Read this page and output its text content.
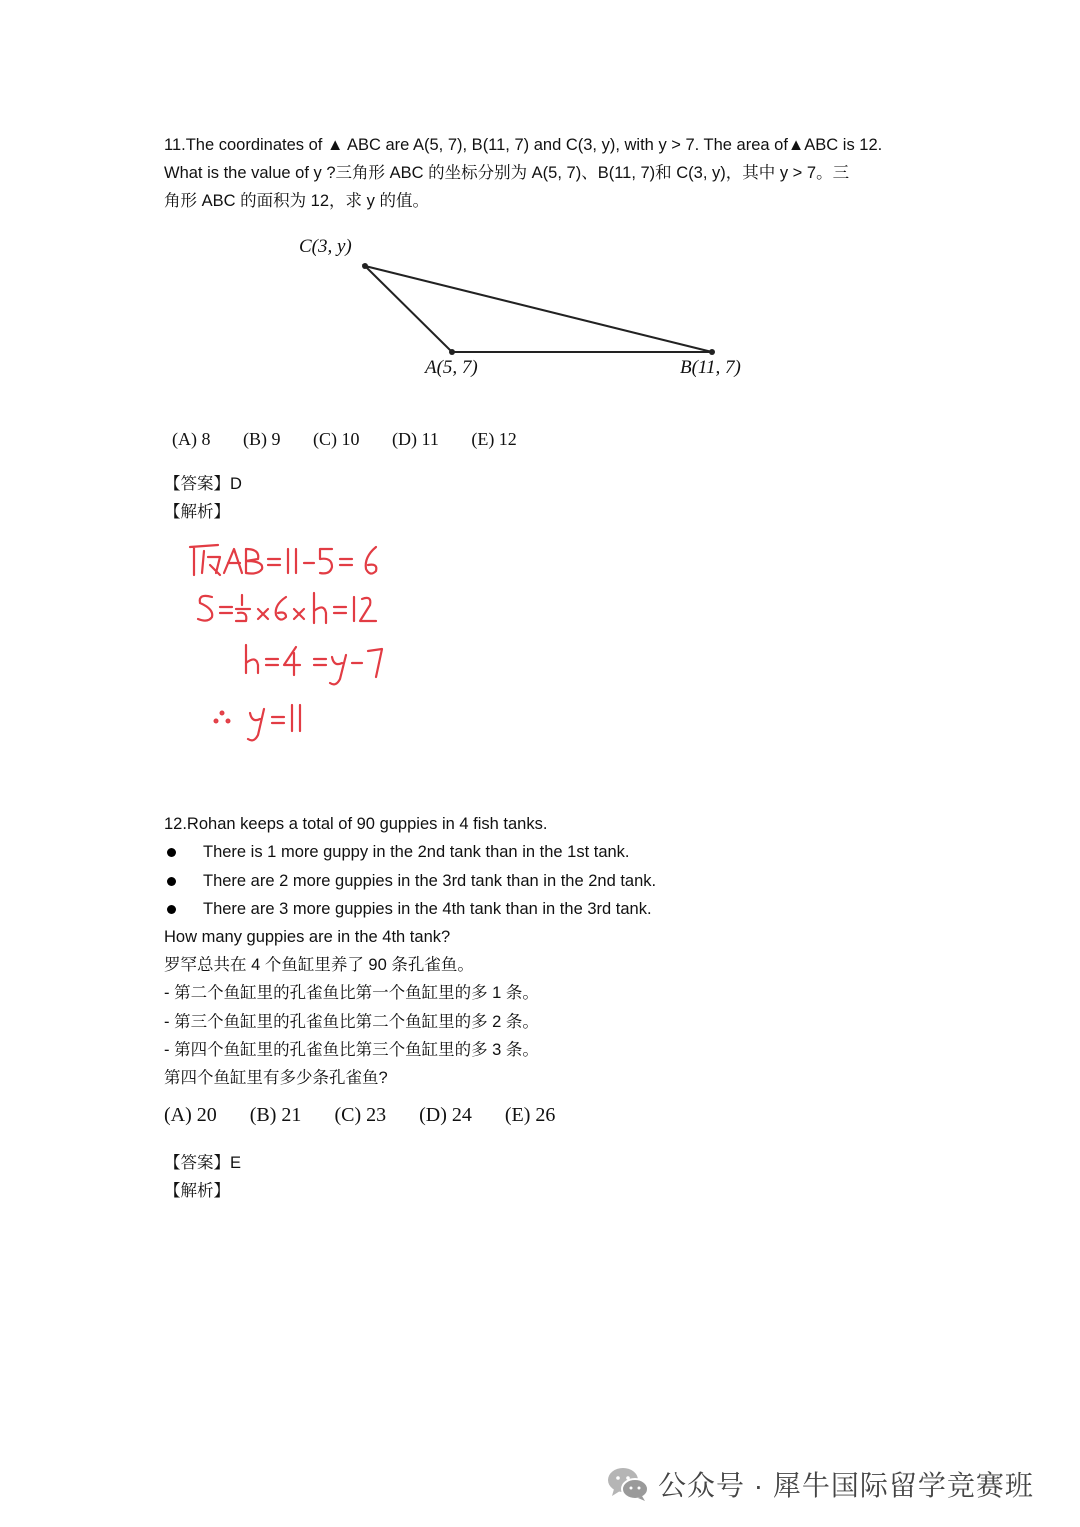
11.The coordinates of ▲ ABC are A(5, 7), B(11, 7) and C(3, y), with y > 7. The area of▲ABC is 12.
What is the value of y ?三角形 ABC 的坐标分别为 A(5, 7)、B(11, 7)和 C(3, y)，其中 y > 7。三
角形 ABC 的面积为 12，求 y 的值。
C(3, y)
A(5, 7)	B(11, 7)
(A) 8 (B) 9 (C) 10 (D) 11 (E) 12
【答案】D
【解析】
12.Rohan keeps a total of 90 guppies in 4 fish tanks.
There is 1 more guppy in the 2nd tank than in the 1st tank.
There are 2 more guppies in the 3rd tank than in the 2nd tank.
There are 3 more guppies in the 4th tank than in the 3rd tank.
How many guppies are in the 4th tank?
罗罕总共在 4 个鱼缸里养了 90 条孔雀鱼。
- 第二个鱼缸里的孔雀鱼比第一个鱼缸里的多 1 条。
- 第三个鱼缸里的孔雀鱼比第二个鱼缸里的多 2 条。
- 第四个鱼缸里的孔雀鱼比第三个鱼缸里的多 3 条。
第四个鱼缸里有多少条孔雀鱼?
(A) 20 (B) 21 (C) 23 (D) 24 (E) 26
【答案】E
【解析】
公众号 · 犀牛国际留学竞赛班
